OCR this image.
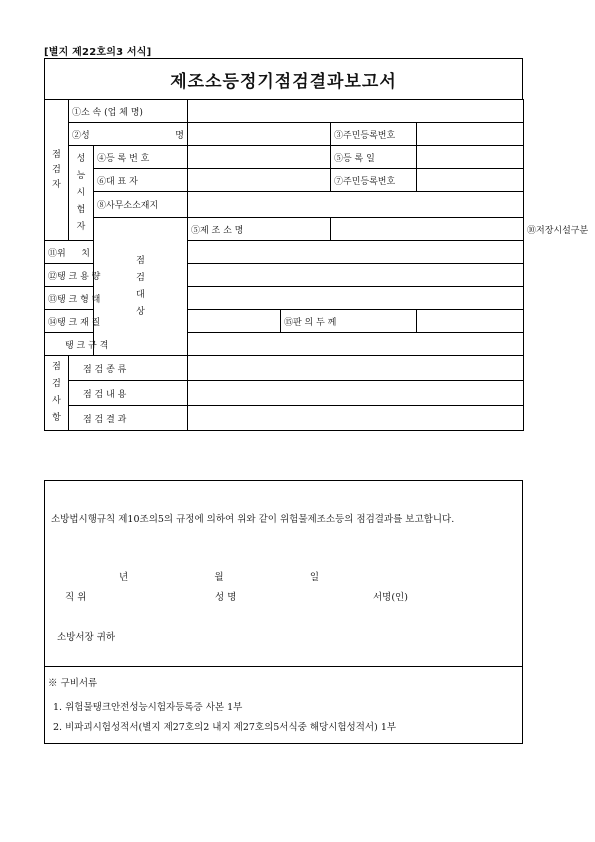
[별지 제22호의3 서식]
제조소등정기점검결과보고서
점검자	①소 속 (업 체 명)						

	②성 명				③주민등록번호		
	성능시험자	④등 록 번 호			⑤등 록 일		
		⑥대 표 자			⑦주민등록번호		
		⑧사무소소재지					
		점검대상	⑤제 조 소 명				⑩저장시설구분	

⑪위 치							

⑫탱 크 용 량							
⑬탱 크 형 태							
⑭탱 크 재 질				⑮판 의 두 께			
탱 크 규 격							
점검사항	점 검 종 류						
	점 검 내 용						
	점 검 결 과						
소방법시행규칙 제10조의5의 규정에 의하여 위와 같이 위험물제조소등의 점검결과를 보고합니다.
년	월	일
직 위	성 명	서명(인)
소방서장 귀하
※ 구비서류
1. 위험물탱크안전성능시험자등록증 사본 1부
2. 비파괴시험성적서(별지 제27호의2 내지 제27호의5서식중 해당시험성적서) 1부
